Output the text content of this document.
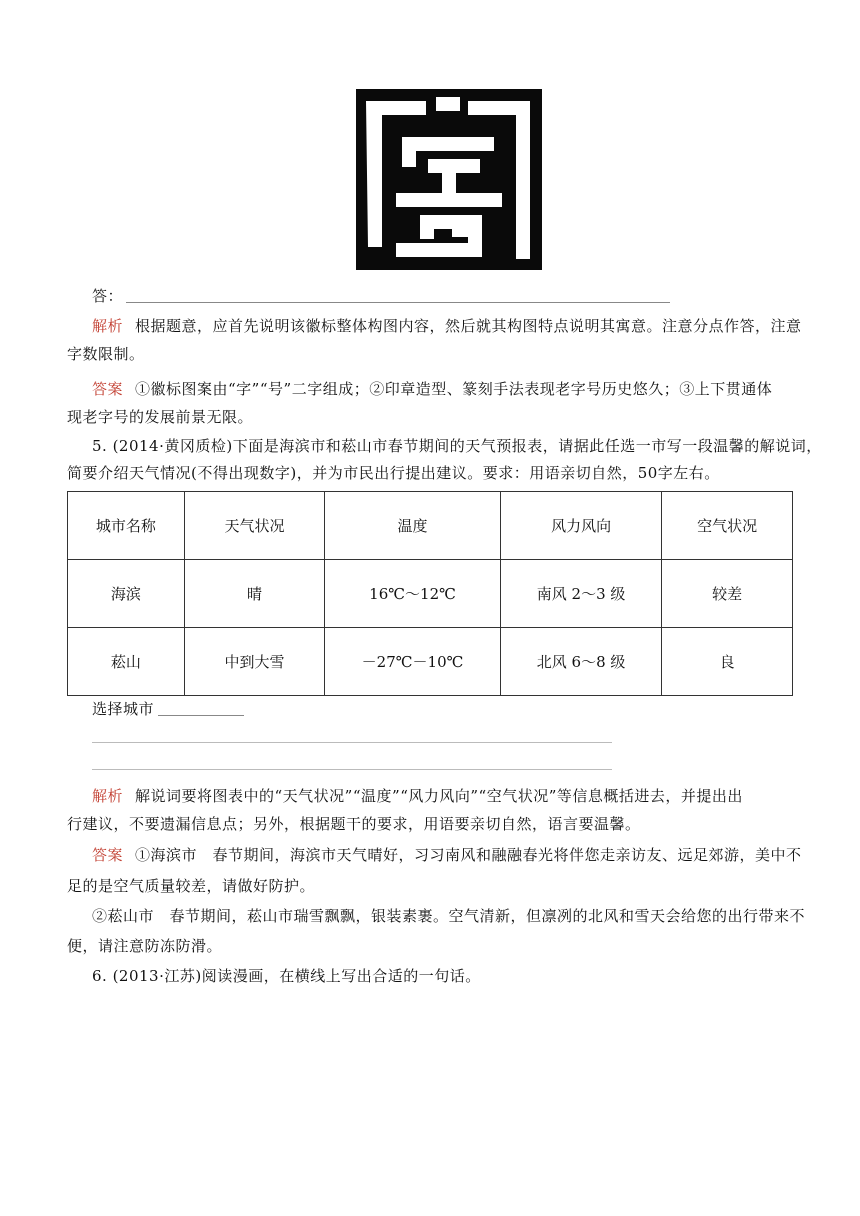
答：
解析 根据题意，应首先说明该徽标整体构图内容，然后就其构图特点说明其寓意。注意分点作答，注意
字数限制。
答案 ①徽标图案由“字”“号”二字组成；②印章造型、篆刻手法表现老字号历史悠久；③上下贯通体
现老字号的发展前景无限。
5. (2014·黄冈质检)下面是海滨市和菘山市春节期间的天气预报表，请据此任选一市写一段温馨的解说词，
简要介绍天气情况(不得出现数字)，并为市民出行提出建议。要求：用语亲切自然，50字左右。
城市名称	天气状况	温度	风力风向	空气状况
海滨	晴	16℃～12℃	南风 2～3 级	较差
菘山	中到大雪	－27℃－10℃	北风 6～8 级	良
选择城市
解析 解说词要将图表中的“天气状况”“温度”“风力风向”“空气状况”等信息概括进去，并提出出
行建议，不要遗漏信息点；另外，根据题干的要求，用语要亲切自然，语言要温馨。
答案 ①海滨市　春节期间，海滨市天气晴好，习习南风和融融春光将伴您走亲访友、远足郊游，美中不
足的是空气质量较差，请做好防护。
②菘山市　春节期间，菘山市瑞雪飘飘，银装素裹。空气清新，但凛冽的北风和雪天会给您的出行带来不
便，请注意防冻防滑。
6. (2013·江苏)阅读漫画，在横线上写出合适的一句话。
